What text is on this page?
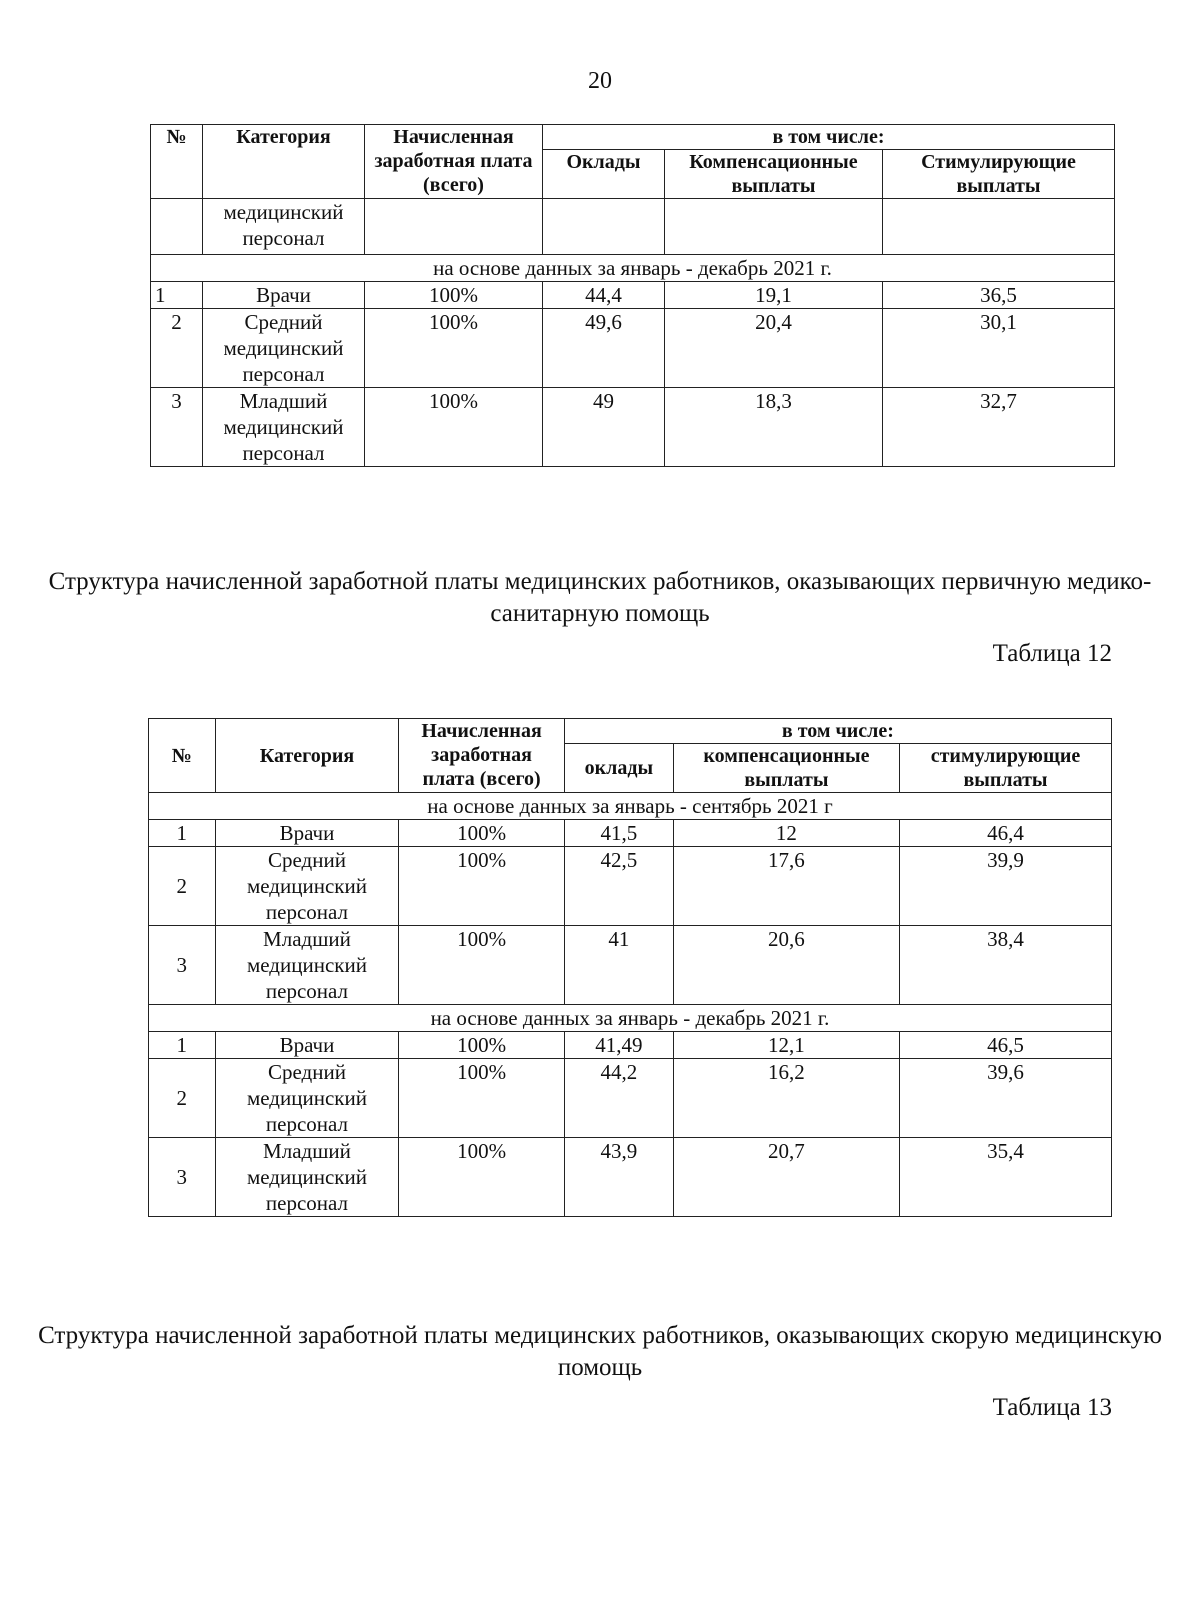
20
№	Категория	Начисленная заработная плата (всего)	в том числе:		
			Оклады	Компенсационные выплаты	Стимулирующие выплаты
	медицинский персонал				
на основе данных за январь - декабрь 2021 г.					
1	Врачи	100%	44,4	19,1	36,5
2	Средний медицинский персонал	100%	49,6	20,4	30,1
3	Младший медицинский персонал	100%	49	18,3	32,7
Структура начисленной заработной платы медицинских работников, оказывающих первичную медико-санитарную помощь
Таблица 12
№	Категория	Начисленная заработная плата (всего)	в том числе:		
			оклады	компенсационные выплаты	стимулирующие выплаты
на основе данных за январь - сентябрь 2021 г					
1	Врачи	100%	41,5	12	46,4
2	Средний медицинский персонал	100%	42,5	17,6	39,9
3	Младший медицинский персонал	100%	41	20,6	38,4
на основе данных за январь - декабрь 2021 г.					
1	Врачи	100%	41,49	12,1	46,5
2	Средний медицинский персонал	100%	44,2	16,2	39,6
3	Младший медицинский персонал	100%	43,9	20,7	35,4
Структура начисленной заработной платы медицинских работников, оказывающих скорую медицинскую помощь
Таблица 13
